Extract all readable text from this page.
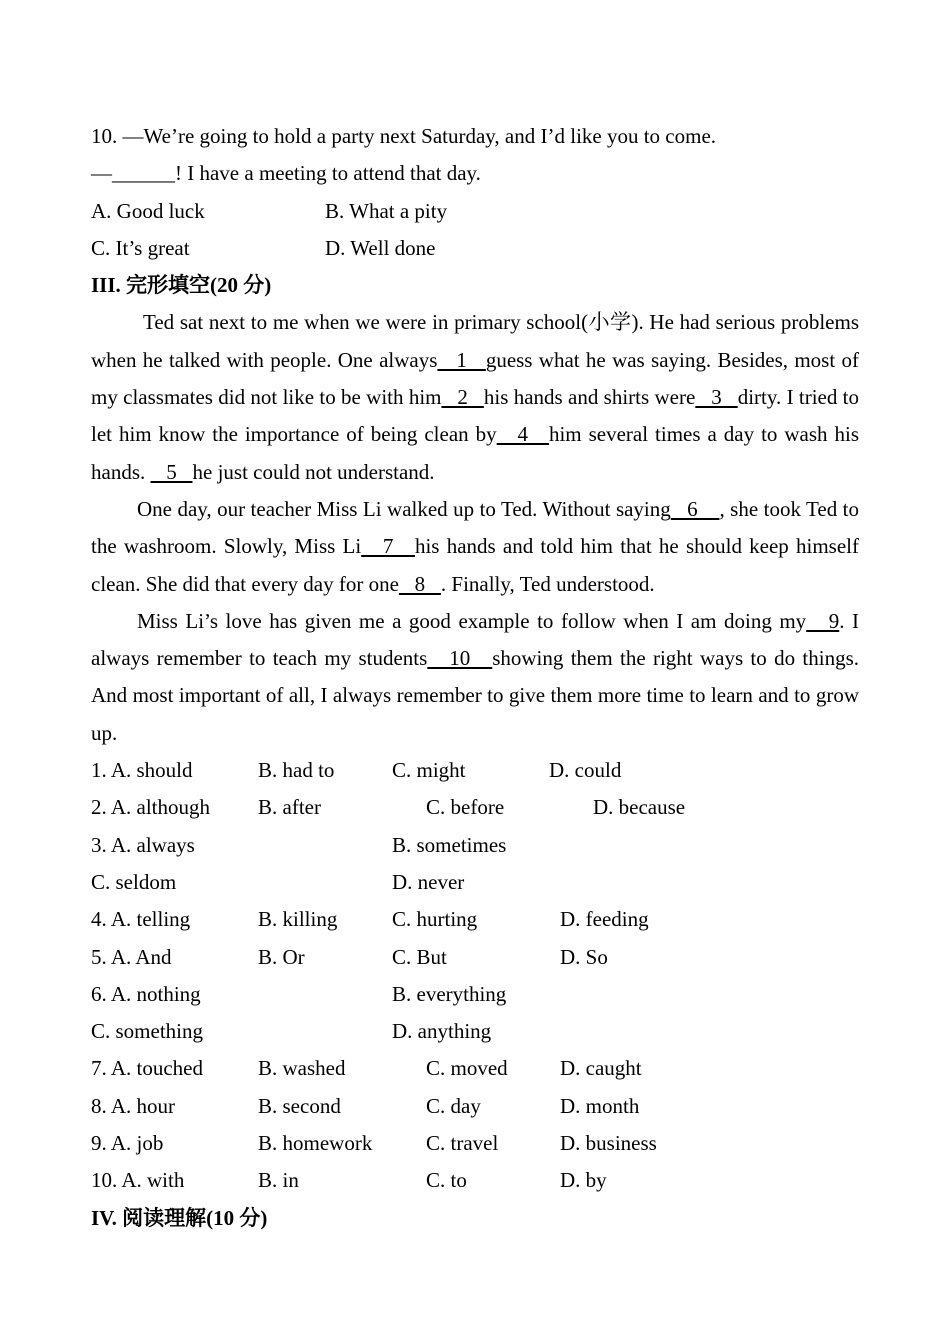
10. —We’re going to hold a party next Saturday, and I’d like you to come.
—______! I have a meeting to attend that day.
A. Good luck	B. What a pity
C. It’s great	D. Well done
III. 完形填空(20 分)
Ted sat next to me when we were in primary school(小学). He had serious problems when he talked with people. One always   1   guess what he was saying. Besides, most of my classmates did not like to be with him   2   his hands and shirts were   3   dirty. I tried to let him know the importance of being clean by   4   him several times a day to wash his hands.    5   he just could not understand.
One day, our teacher Miss Li walked up to Ted. Without saying   6    , she took Ted to the washroom. Slowly, Miss Li   7   his hands and told him that he should keep himself clean. She did that every day for one   8   . Finally, Ted understood.
Miss Li’s love has given me a good example to follow when I am doing my   9. I always remember to teach my students   10   showing them the right ways to do things. And most important of all, I always remember to give them more time to learn and to grow up.
1. A. should	B. had to	C. might	D. could
2. A. although B. after	C. before	D. because
3. A. always	B. sometimes
C. seldom	D. never
4. A. telling	B. killing	C. hurting	D. feeding
5. A. And	B. Or	C. But	D. So
6. A. nothing	B. everything
C. something	D. anything
7. A. touched	B. washed	C. moved D. caught
8. A. hour	B. second	C. day	D. month
9. A. job	B. homework	C. travel	D. business
10. A. with	B. in	C. to	D. by
IV. 阅读理解(10 分)
